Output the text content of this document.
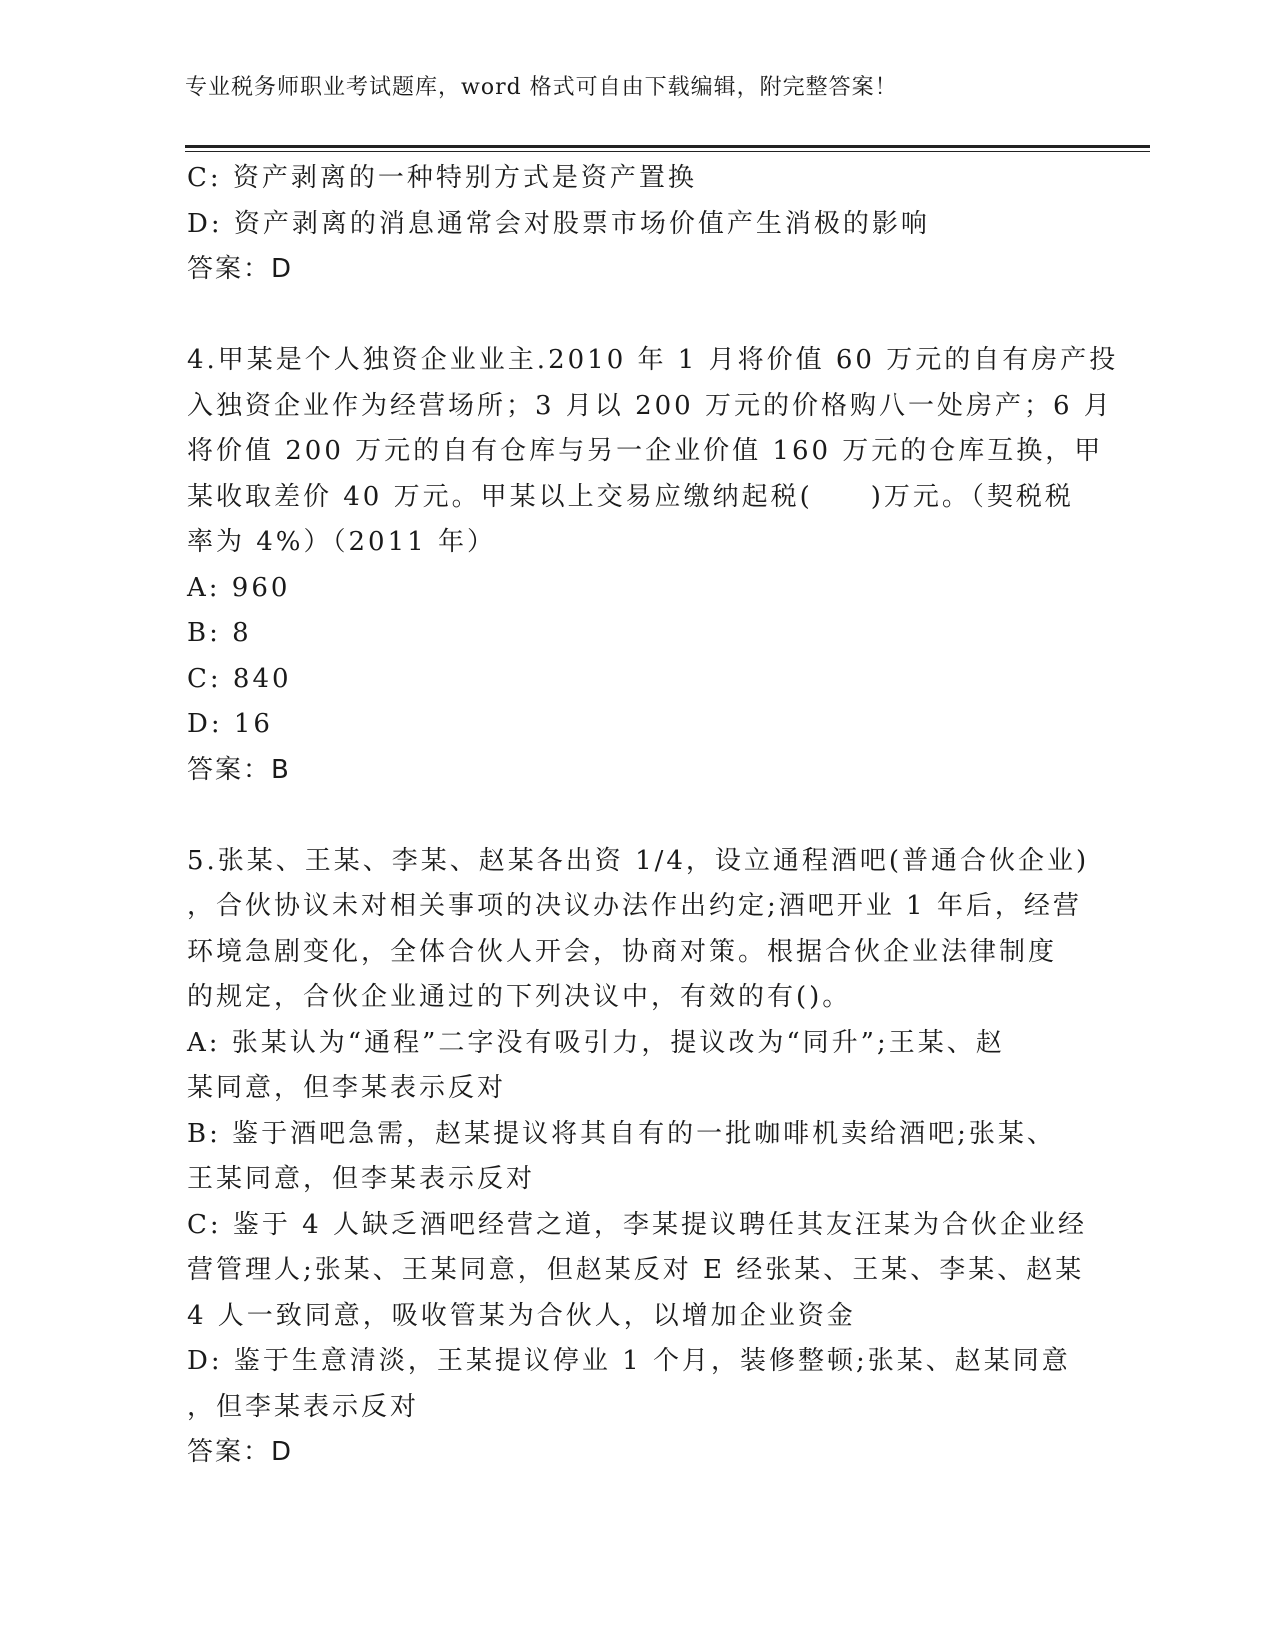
专业税务师职业考试题库，word 格式可自由下载编辑，附完整答案！
C: 资产剥离的一种特别方式是资产置换
D: 资产剥离的消息通常会对股票市场价值产生消极的影响
答案：D
4.甲某是个人独资企业业主.2010 年 1 月将价值 60 万元的自有房产投
入独资企业作为经营场所；3 月以 200 万元的价格购八一处房产；6 月
将价值 200 万元的自有仓库与另一企业价值 160 万元的仓库互换，甲
某收取差价 40 万元。甲某以上交易应缴纳起税(　　)万元。（契税税
率为 4%）（2011 年）
A: 960
B: 8
C: 840
D: 16
答案：B
5.张某、王某、李某、赵某各出资 1/4，设立通程酒吧(普通合伙企业)
，合伙协议未对相关事项的决议办法作出约定;酒吧开业 1 年后，经营
环境急剧变化，全体合伙人开会，协商对策。根据合伙企业法律制度
的规定，合伙企业通过的下列决议中，有效的有()。
A: 张某认为“通程”二字没有吸引力，提议改为“同升”;王某、赵
某同意，但李某表示反对
B: 鉴于酒吧急需，赵某提议将其自有的一批咖啡机卖给酒吧;张某、
王某同意，但李某表示反对
C: 鉴于 4 人缺乏酒吧经营之道，李某提议聘任其友汪某为合伙企业经
营管理人;张某、王某同意，但赵某反对 E 经张某、王某、李某、赵某
4 人一致同意，吸收管某为合伙人，以增加企业资金
D: 鉴于生意清淡，王某提议停业 1 个月，装修整顿;张某、赵某同意
，但李某表示反对
答案：D
